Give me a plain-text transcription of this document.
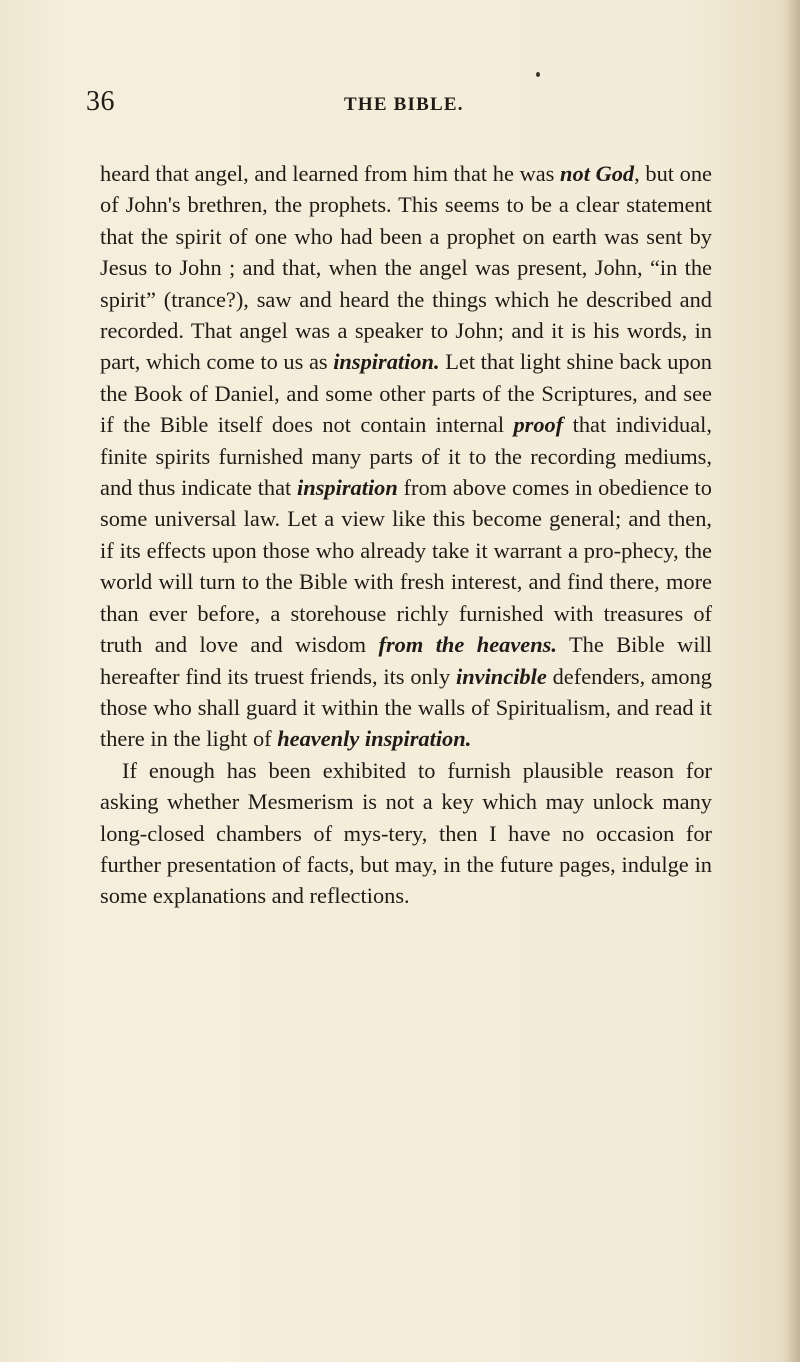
36	THE BIBLE.

heard that angel, and learned from him that he was not God, but one of John's brethren, the prophets. This seems to be a clear statement that the spirit of one who had been a prophet on earth was sent by Jesus to John ; and that, when the angel was present, John, “in the spirit” (trance?), saw and heard the things which he described and recorded. That angel was a speaker to John; and it is his words, in part, which come to us as inspiration. Let that light shine back upon the Book of Daniel, and some other parts of the Scriptures, and see if the Bible itself does not contain internal proof that individual, finite spirits furnished many parts of it to the recording mediums, and thus indicate that inspiration from above comes in obedience to some universal law. Let a view like this become general; and then, if its effects upon those who already take it warrant a pro-phecy, the world will turn to the Bible with fresh interest, and find there, more than ever before, a storehouse richly furnished with treasures of truth and love and wisdom from the heavens. The Bible will hereafter find its truest friends, its only invincible defenders, among those who shall guard it within the walls of Spiritualism, and read it there in the light of heavenly inspiration.

If enough has been exhibited to furnish plausible reason for asking whether Mesmerism is not a key which may unlock many long-closed chambers of mys-tery, then I have no occasion for further presentation of facts, but may, in the future pages, indulge in some explanations and reflections.
